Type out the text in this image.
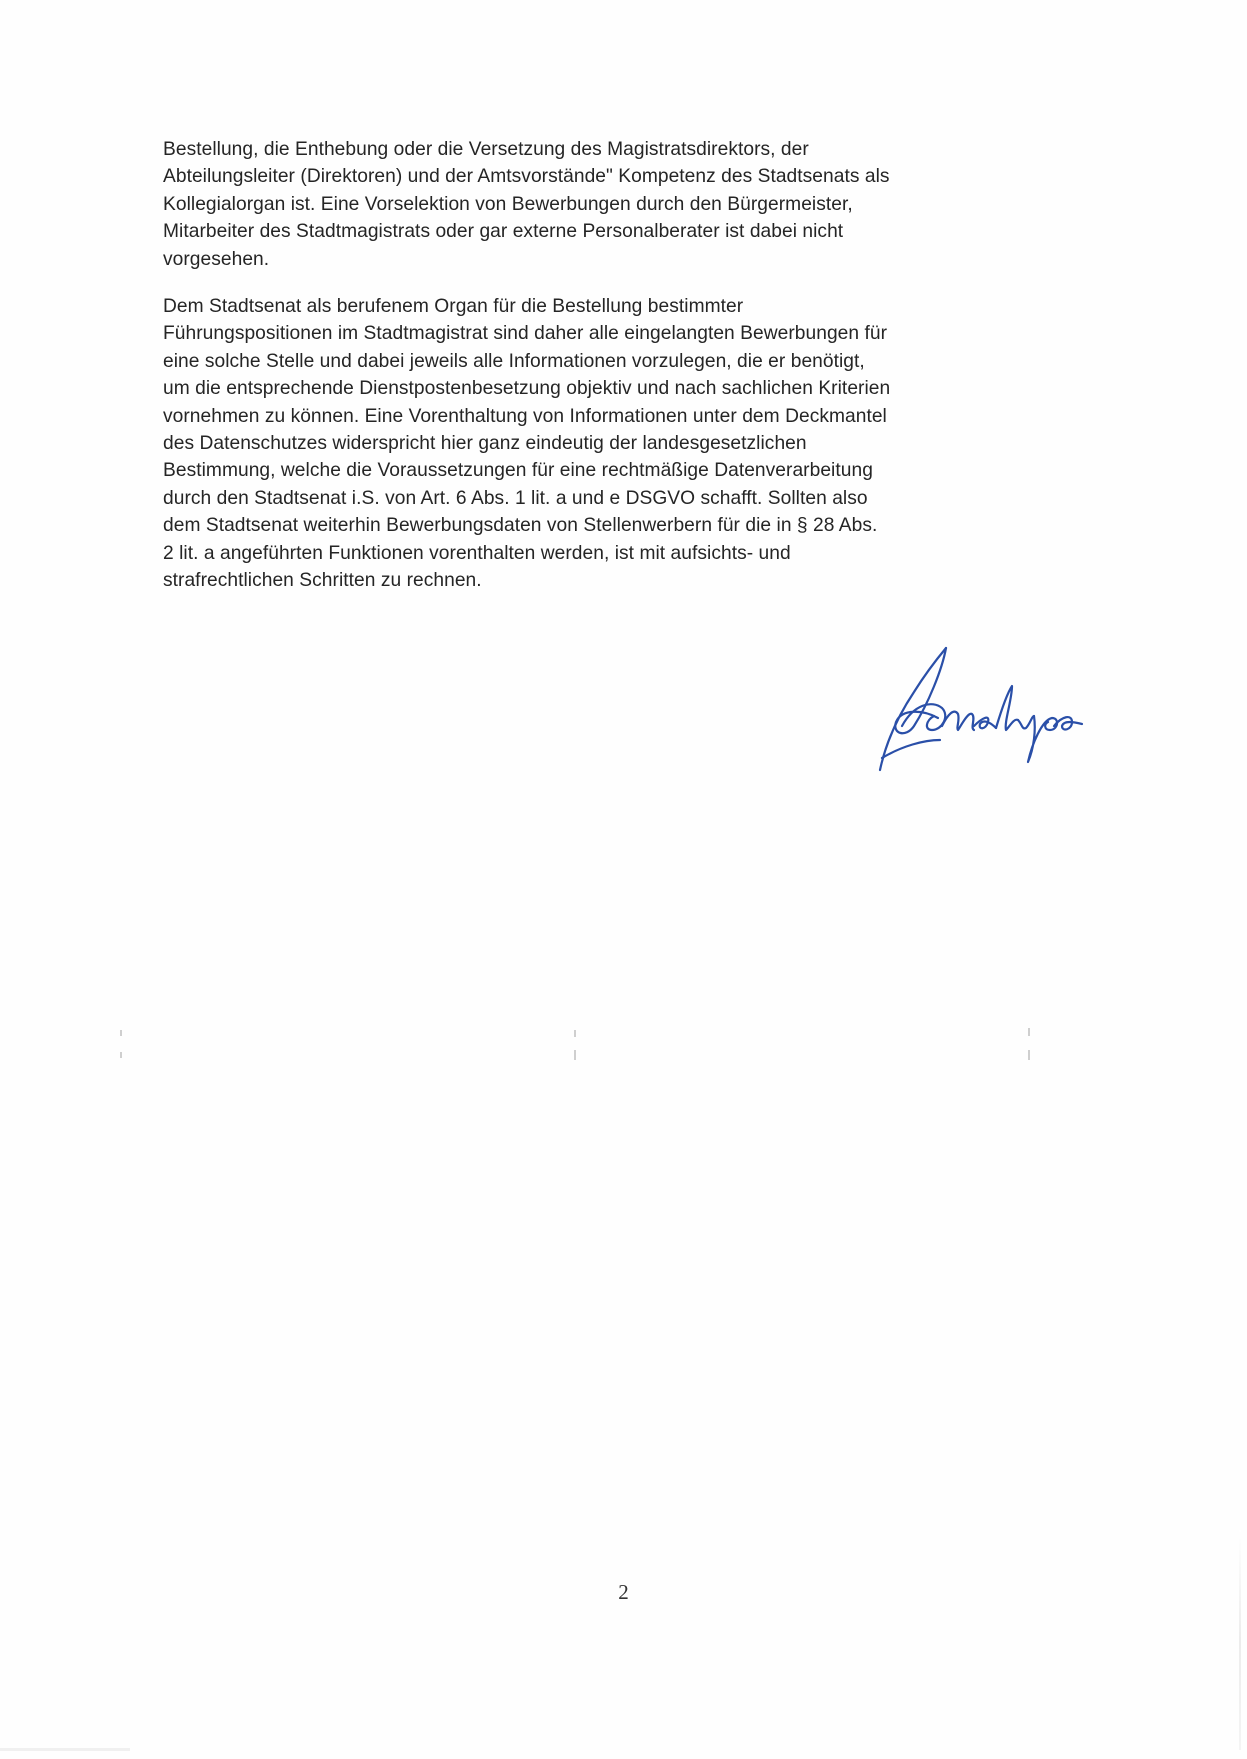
Bestellung, die Enthebung oder die Versetzung des Magistratsdirektors, der
Abteilungsleiter (Direktoren) und der Amtsvorstände" Kompetenz des Stadtsenats als
Kollegialorgan ist. Eine Vorselektion von Bewerbungen durch den Bürgermeister,
Mitarbeiter des Stadtmagistrats oder gar externe Personalberater ist dabei nicht
vorgesehen.
Dem Stadtsenat als berufenem Organ für die Bestellung bestimmter
Führungspositionen im Stadtmagistrat sind daher alle eingelangten Bewerbungen für
eine solche Stelle und dabei jeweils alle Informationen vorzulegen, die er benötigt,
um die entsprechende Dienstpostenbesetzung objektiv und nach sachlichen Kriterien
vornehmen zu können. Eine Vorenthaltung von Informationen unter dem Deckmantel
des Datenschutzes widerspricht hier ganz eindeutig der landesgesetzlichen
Bestimmung, welche die Voraussetzungen für eine rechtmäßige Datenverarbeitung
durch den Stadtsenat i.S. von Art. 6 Abs. 1 lit. a und e DSGVO schafft. Sollten also
dem Stadtsenat weiterhin Bewerbungsdaten von Stellenwerbern für die in § 28 Abs.
2 lit. a angeführten Funktionen vorenthalten werden, ist mit aufsichts- und
strafrechtlichen Schritten zu rechnen.
2
